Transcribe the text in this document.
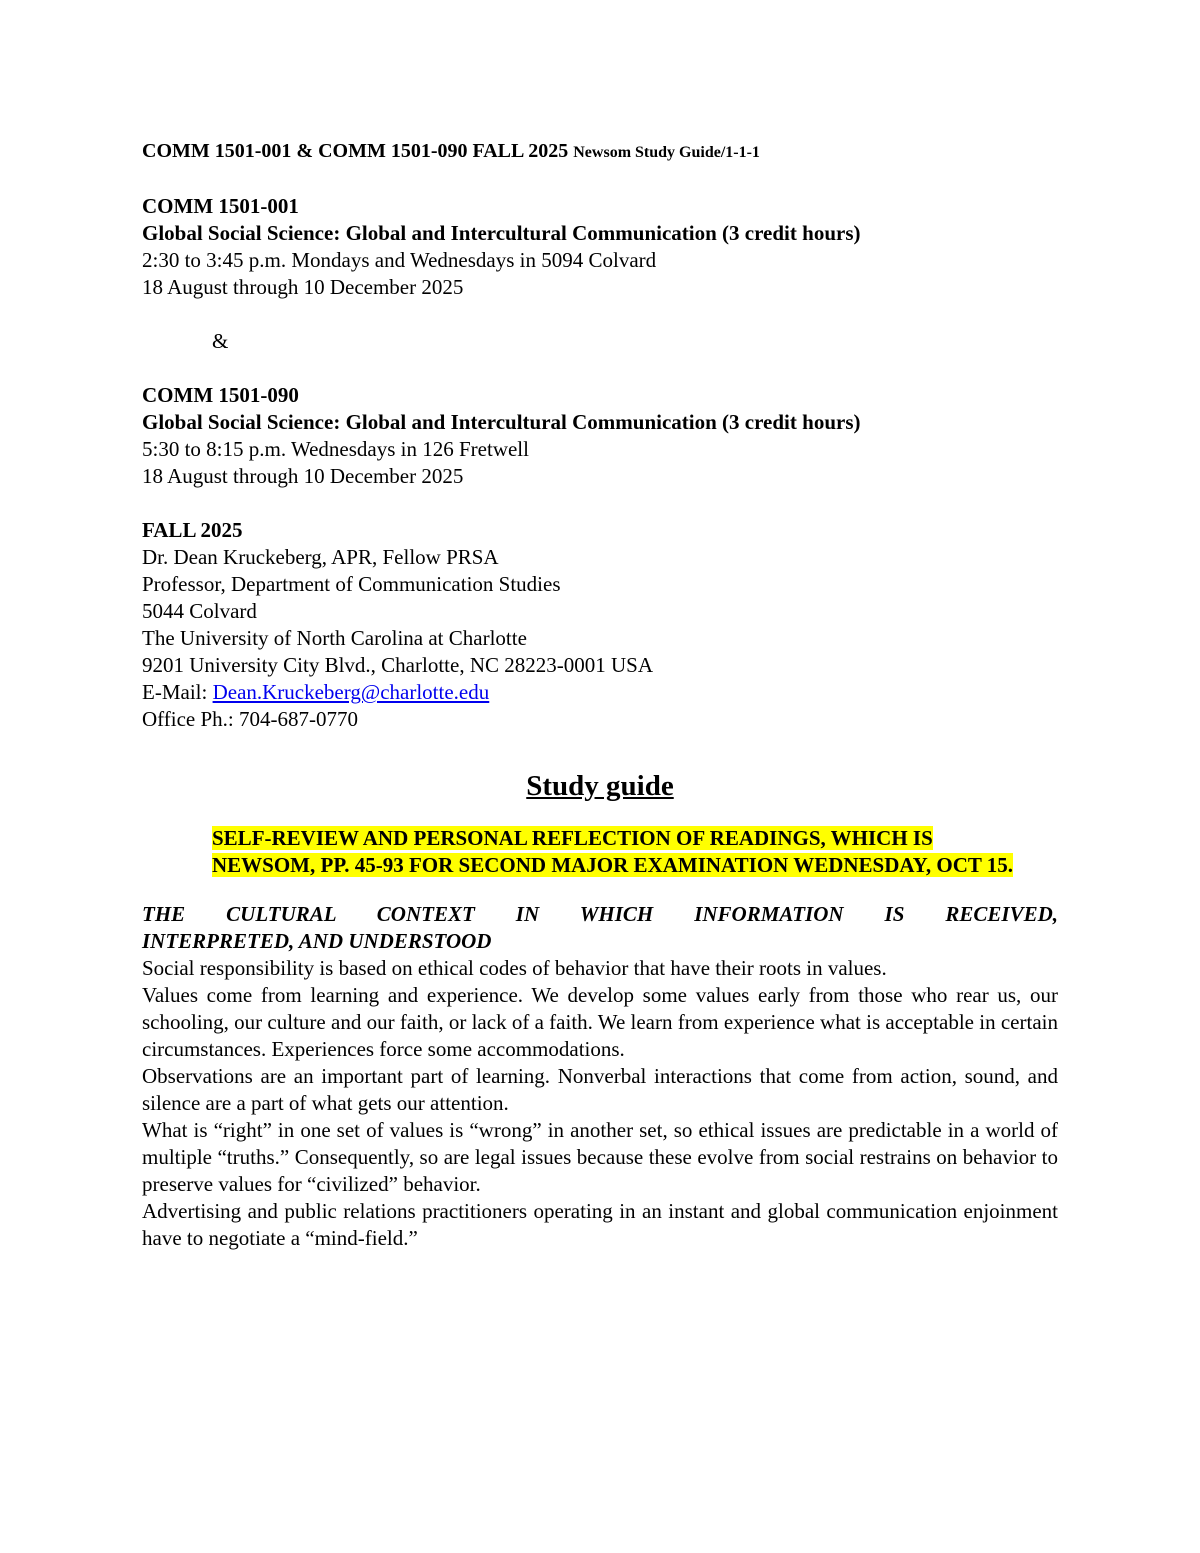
COMM 1501-001 & COMM 1501-090 FALL 2025 Newsom Study Guide/1-1-1

COMM 1501-001

Global Social Science: Global and Intercultural Communication (3 credit hours)

2:30 to 3:45 p.m. Mondays and Wednesdays in 5094 Colvard

18 August through 10 December 2025

&

COMM 1501-090

Global Social Science: Global and Intercultural Communication (3 credit hours)

5:30 to 8:15 p.m. Wednesdays in 126 Fretwell

18 August through 10 December 2025

FALL 2025

Dr. Dean Kruckeberg, APR, Fellow PRSA

Professor, Department of Communication Studies

5044 Colvard

The University of North Carolina at Charlotte

9201 University City Blvd., Charlotte, NC 28223-0001 USA

E-Mail: Dean.Kruckeberg@charlotte.edu

Office Ph.: 704-687-0770

Study guide
SELF-REVIEW AND PERSONAL REFLECTION OF READINGS, WHICH IS NEWSOM, PP. 45-93 FOR SECOND MAJOR EXAMINATION WEDNESDAY, OCT 15.
THE CULTURAL CONTEXT IN WHICH INFORMATION IS RECEIVED,
INTERPRETED, AND UNDERSTOOD

Social responsibility is based on ethical codes of behavior that have their roots in values.

Values come from learning and experience. We develop some values early from those who rear us, our schooling, our culture and our faith, or lack of a faith. We learn from experience what is acceptable in certain circumstances. Experiences force some accommodations.

Observations are an important part of learning. Nonverbal interactions that come from action, sound, and silence are a part of what gets our attention.

What is “right” in one set of values is “wrong” in another set, so ethical issues are predictable in a world of multiple “truths.” Consequently, so are legal issues because these evolve from social restrains on behavior to preserve values for “civilized” behavior.

Advertising and public relations practitioners operating in an instant and global communication enjoinment have to negotiate a “mind-field.”
